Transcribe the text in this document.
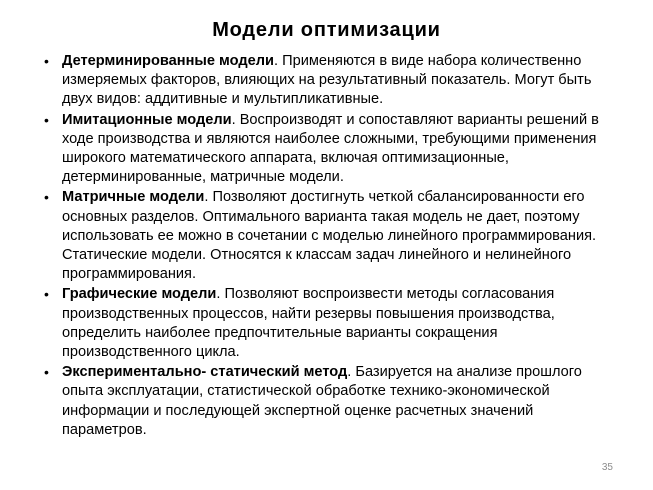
Модели оптимизации
• Детерминированные модели. Применяются в виде набора количественно измеряемых факторов, влияющих на результативный показатель. Могут быть двух видов: аддитивные и мультипликативные.
• Имитационные модели. Воспроизводят и сопоставляют варианты решений в ходе производства и являются наиболее сложными, требующими применения широкого математического аппарата, включая оптимизационные, детерминированные, матричные модели.
• Матричные модели. Позволяют достигнуть четкой сбалансированности его основных разделов. Оптимального варианта такая модель не дает, поэтому использовать ее можно в сочетании с моделью линейного программирования. Статические модели. Относятся к классам задач линейного и нелинейного программирования.
• Графические модели. Позволяют воспроизвести методы согласования производственных процессов, найти резервы повышения производства, определить наиболее предпочтительные варианты сокращения производственного цикла.
• Экспериментально- статический метод. Базируется на анализе прошлого опыта эксплуатации, статистической обработке технико-экономической информации и последующей экспертной оценке расчетных значений параметров.
35
